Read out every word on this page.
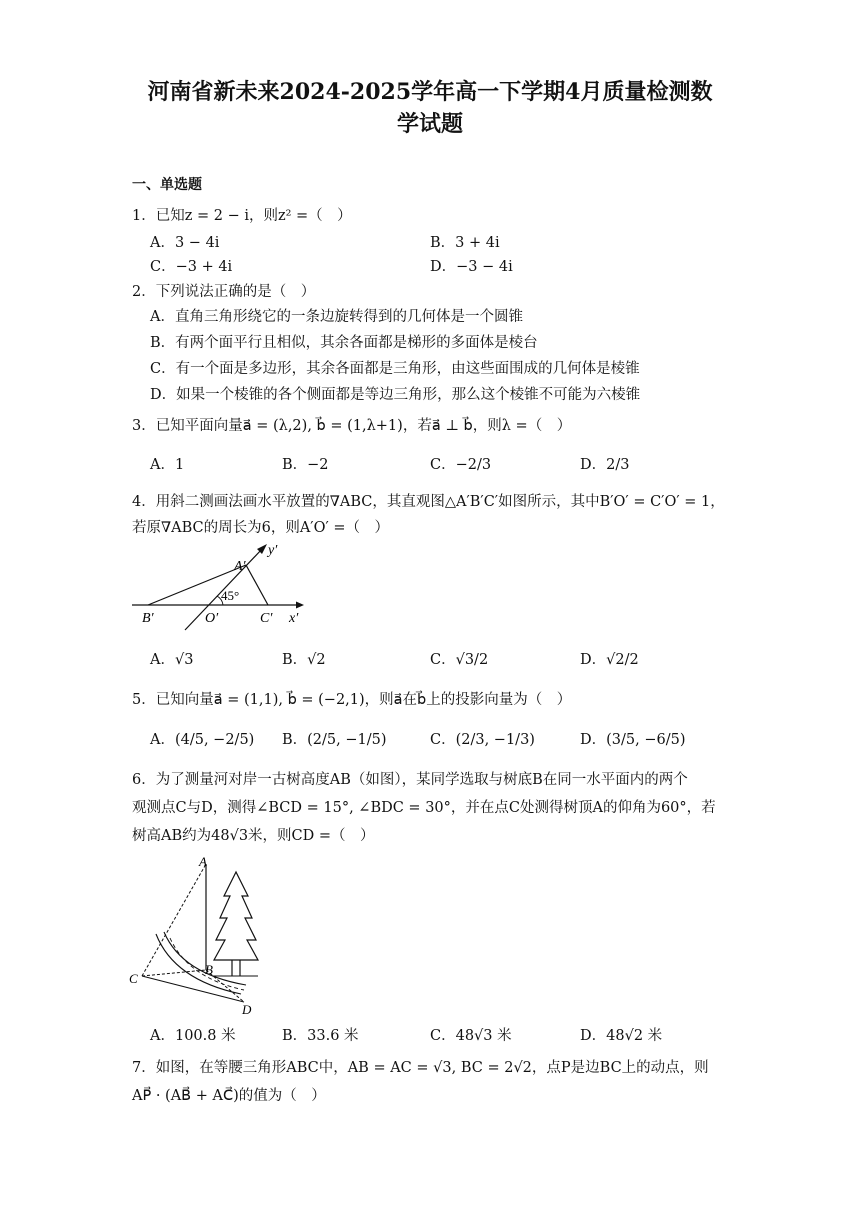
河南省新未来2024-2025学年高一下学期4月质量检测数
学试题
一、单选题
1．已知z = 2 − i，则z² =（　）
A．3 − 4i	B．3 + 4i
C．−3 + 4i	D．−3 − 4i
2．下列说法正确的是（　）
A．直角三角形绕它的一条边旋转得到的几何体是一个圆锥
B．有两个面平行且相似，其余各面都是梯形的多面体是棱台
C．有一个面是多边形，其余各面都是三角形，由这些面围成的几何体是棱锥
D．如果一个棱锥的各个侧面都是等边三角形，那么这个棱锥不可能为六棱锥
3．已知平面向量a⃗ = (λ,2), b⃗ = (1,λ+1)，若a⃗ ⊥ b⃗，则λ =（　）
A．1	B．−2	C．−2/3	D．2/3
4．用斜二测画法画水平放置的∇ABC，其直观图△A′B′C′如图所示，其中B′O′ = C′O′ = 1，
若原∇ABC的周长为6，则A′O′ =（　）
y′
A′
45°
B′	O′	C′ x′
A．√3	B．√2	C．√3/2	D．√2/2
5．已知向量a⃗ = (1,1), b⃗ = (−2,1)，则a⃗在b⃗上的投影向量为（　）
A．(4/5, −2/5) B．(2/5, −1/5)	C．(2/3, −1/3)	D．(3/5, −6/5)
6．为了测量河对岸一古树高度AB（如图），某同学选取与树底B在同一水平面内的两个
观测点C与D，测得∠BCD = 15°, ∠BDC = 30°，并在点C处测得树顶A的仰角为60°，若
树高AB约为48√3米，则CD =（　）
A
B
C
D
A．100.8 米	B．33.6 米	C．48√3 米	D．48√2 米
7．如图，在等腰三角形ABC中，AB = AC = √3, BC = 2√2，点P是边BC上的动点，则
AP⃗ · (AB⃗ + AC⃗)的值为（　）
